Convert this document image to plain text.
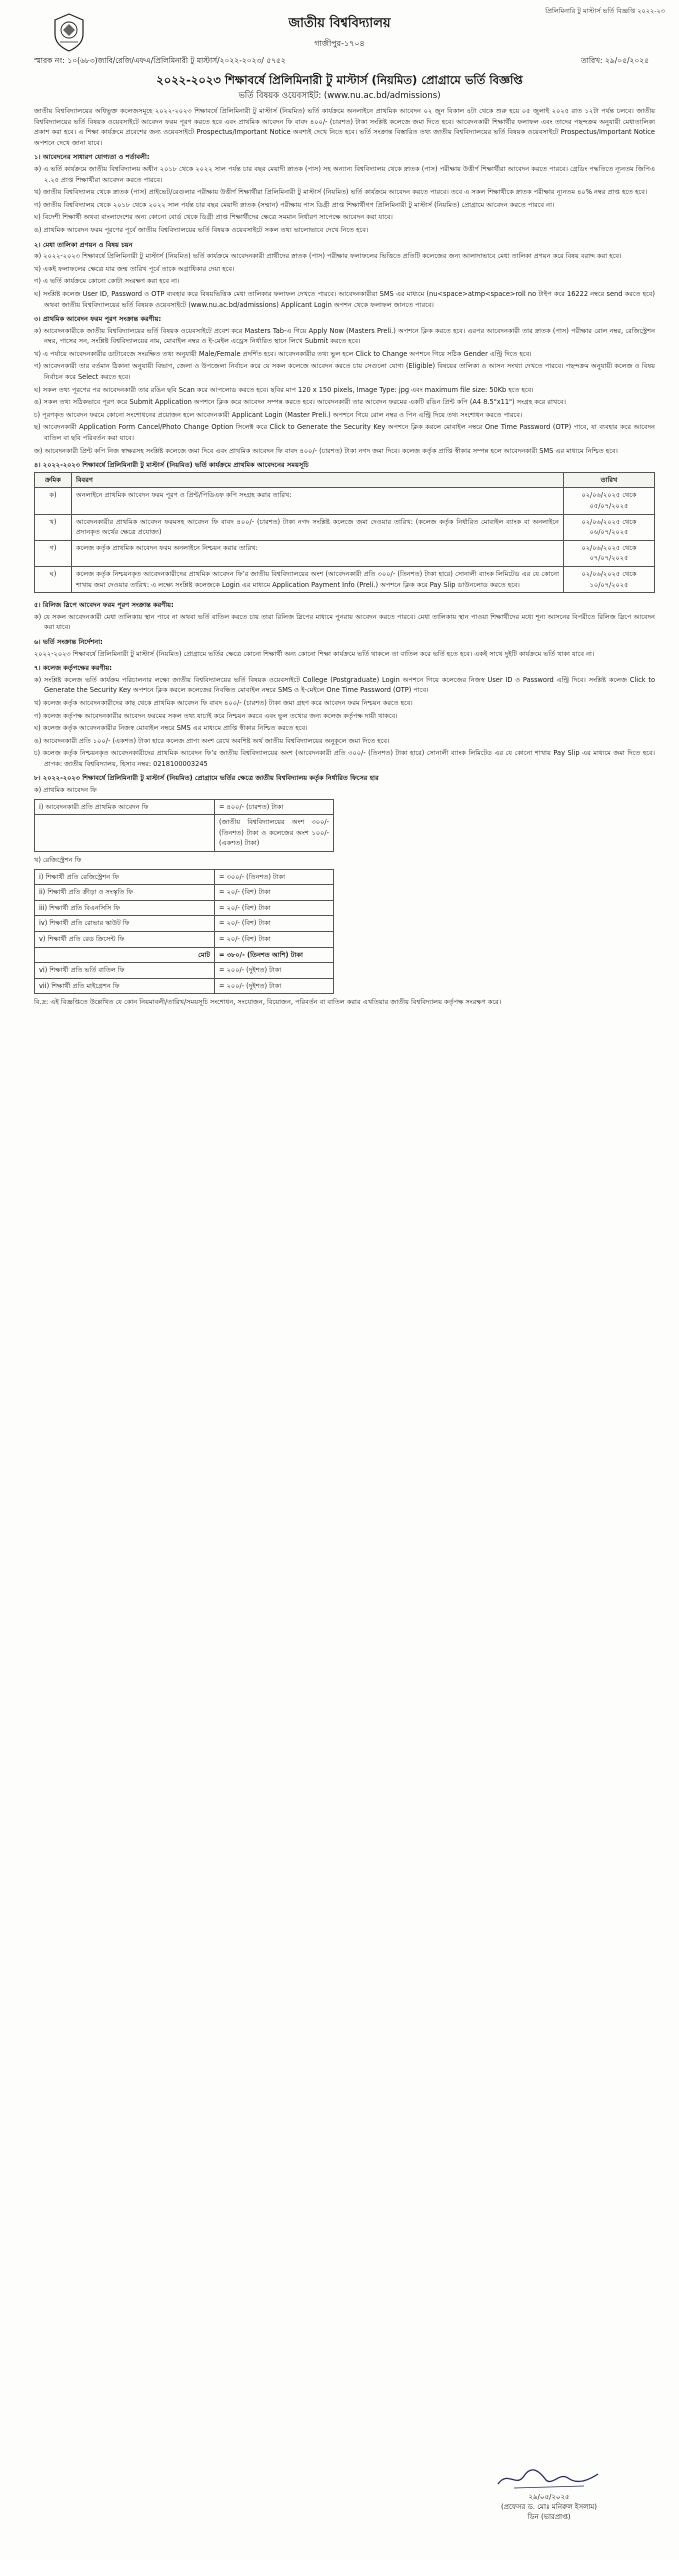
প্রিলিমিনারি টু মাস্টার্স ভর্তি বিজ্ঞপ্তি ২০২২-২৩
জাতীয় বিশ্ববিদ্যালয়
গাজীপুর-১৭০৪
স্মারক নং: ১০(৬৮৩)জাবি/রেজি/এফএ/প্রিলিমিনারী টু মাস্টার্স/২০২২-২০২৩/ ৫৭৫২	তারিখ: ২৯/০৫/২০২৫
২০২২-২০২৩ শিক্ষাবর্ষে প্রিলিমিনারী টু মাস্টার্স (নিয়মিত) প্রোগ্রামে ভর্তি বিজ্ঞপ্তি
ভর্তি বিষয়ক ওয়েবসাইট: (www.nu.ac.bd/admissions)

জাতীয় বিশ্ববিদ্যালয়ের অধিভুক্ত কলেজসমূহে ২০২২-২০২৩ শিক্ষাবর্ষে প্রিলিমিনারী টু মাস্টার্স (নিয়মিত) ভর্তি কার্যক্রমে অনলাইনে প্রাথমিক আবেদন ০২ জুন বিকাল ৪টা থেকে শুরু হয়ে ০৫ জুলাই ২০২৫ রাত ১২টা পর্যন্ত চলবে। জাতীয় বিশ্ববিদ্যালয়ের ভর্তি বিষয়ক ওয়েবসাইটে আবেদন ফরম পূরণ করতে হবে এবং প্রাথমিক আবেদন ফি বাবদ ৪০০/- (চারশত) টাকা সংশ্লিষ্ট কলেজে জমা দিতে হবে। আবেদনকারী শিক্ষার্থীর ফলাফল এবং তাদের পছন্দক্রম অনুযায়ী মেধাতালিকা প্রকাশ করা হবে। এ শিক্ষা কার্যক্রমে প্রবেশের জন্য ওয়েবসাইটে Prospectus/Important Notice অবশ্যই দেখে নিতে হবে। ভর্তি সংক্রান্ত বিস্তারিত তথ্য জাতীয় বিশ্ববিদ্যালয়ের ভর্তি বিষয়ক ওয়েবসাইটে Prospectus/Important Notice অপশনে দেখে জানা যাবে।

১। আবেদনের সাধারণ যোগ্যতা ও শর্তাবলী:

ক) এ ভর্তি কার্যক্রমে জাতীয় বিশ্ববিদ্যালয় অধীন ২০১৮ থেকে ২০২২ সাল পর্যন্ত চার বছর মেয়াদী স্নাতক (পাস) সহ অন্যান্য বিশ্ববিদ্যালয় থেকে স্নাতক (পাস) পরীক্ষায় উত্তীর্ণ শিক্ষার্থীরা আবেদন করতে পারবে। গ্রেডিং পদ্ধতিতে ন্যূনতম জিপিএ ২.২৫ প্রাপ্ত শিক্ষার্থীরা আবেদন করতে পারবে।

খ) জাতীয় বিশ্ববিদ্যালয় থেকে স্নাতক (পাস) প্রাইভেট/রেগুলার পরীক্ষায় উত্তীর্ণ শিক্ষার্থীরা প্রিলিমিনারী টু মাস্টার্স (নিয়মিত) ভর্তি কার্যক্রমে আবেদন করতে পারবে। তবে এ সকল শিক্ষার্থীকে স্নাতক পরীক্ষার ন্যূনতম ৪০% নম্বর প্রাপ্ত হতে হবে।

গ) জাতীয় বিশ্ববিদ্যালয় থেকে ২০১৮ থেকে ২০২২ সাল পর্যন্ত চার বছর মেয়াদী স্নাতক (সম্মান) পরীক্ষায় পাস ডিগ্রী প্রাপ্ত শিক্ষার্থীগণ প্রিলিমিনারী টু মাস্টার্স (নিয়মিত) প্রোগ্রামে আবেদন করতে পারবে না।

ঘ) বিদেশী শিক্ষার্থী অথবা বাংলাদেশের অন্য কোনো বোর্ড থেকে ডিগ্রী প্রাপ্ত শিক্ষার্থীদের ক্ষেত্রে সমমান নির্ধারণ সাপেক্ষে আবেদন করা যাবে।

ঙ) প্রাথমিক আবেদন ফরম পূরণের পূর্বে জাতীয় বিশ্ববিদ্যালয়ের ভর্তি বিষয়ক ওয়েবসাইটে সকল তথ্য ভালোভাবে দেখে নিতে হবে।

২। মেধা তালিকা প্রণয়ন ও বিষয় চয়ন

ক) ২০২২-২০২৩ শিক্ষাবর্ষে প্রিলিমিনারী টু মাস্টার্স (নিয়মিত) ভর্তি কার্যক্রমে আবেদনকারী প্রার্থীদের স্নাতক (পাস) পরীক্ষার ফলাফলের ভিত্তিতে প্রতিটি কলেজের জন্য আলাদাভাবে মেধা তালিকা প্রণয়ন করে বিষয় বরাদ্দ করা হবে।

খ) একই ফলাফলের ক্ষেত্রে যার জন্ম তারিখ পূর্বে তাকে অগ্রাধিকার দেয়া হবে।

গ) এ ভর্তি কার্যক্রমে কোনো কোটা সংরক্ষণ করা হবে না।

ঘ) সংশ্লিষ্ট কলেজ User ID, Password ও OTP ব্যবহার করে বিষয়ভিত্তিক মেধা তালিকার ফলাফল দেখতে পারবে। আবেদনকারীরা SMS এর মাধ্যমে (nu<space>atmp<space>roll no টাইপ করে 16222 নম্বরে send করতে হবে) অথবা জাতীয় বিশ্ববিদ্যালয়ের ভর্তি বিষয়ক ওয়েবসাইটে (www.nu.ac.bd/admissions) Applicant Login অপশন থেকে ফলাফল জানতে পারবে।

৩। প্রাথমিক আবেদন ফরম পূরণ সংক্রান্ত করণীয়:

ক) আবেদনকারীকে জাতীয় বিশ্ববিদ্যালয়ের ভর্তি বিষয়ক ওয়েবসাইটে প্রবেশ করে Masters Tab-এ গিয়ে Apply Now (Masters Preli.) অপশনে ক্লিক করতে হবে। এরপর আবেদনকারী তার স্নাতক (পাস) পরীক্ষার রোল নম্বর, রেজিস্ট্রেশন নম্বর, পাসের সন, সংশ্লিষ্ট বিশ্ববিদ্যালয়ের নাম, মোবাইল নম্বর ও ই-মেইল এড্রেস নির্ধারিত স্থানে লিখে Submit করতে হবে।

খ) এ পর্যায়ে আবেদনকারীর ডাটাবেজে সংরক্ষিত তথ্য অনুযায়ী Male/Female প্রদর্শিত হবে। আবেদনকারীর তথ্য ভুল হলে Click to Change অপশনে গিয়ে সঠিক Gender এন্ট্রি দিতে হবে।

গ) আবেদনকারী তার বর্তমান ঠিকানা অনুযায়ী বিভাগ, জেলা ও উপজেলা নির্বাচন করে যে সকল কলেজে আবেদন করতে চায় সেগুলো যোগ্য (Eligible) বিষয়ের তালিকা ও আসন সংখ্যা দেখতে পারবে। পছন্দক্রম অনুযায়ী কলেজ ও বিষয় নির্বাচন করে Select করতে হবে।

ঘ) সকল তথ্য পূরণের পর আবেদনকারী তার রঙিন ছবি Scan করে আপলোড করতে হবে। ছবির মাপ 120 x 150 pixels, Image Type: jpg এবং maximum file size: 50Kb হতে হবে।

ঙ) সকল তথ্য সঠিকভাবে পূরণ করে Submit Application অপশনে ক্লিক করে আবেদন সম্পন্ন করতে হবে। আবেদনকারী তার আবেদন ফরমের একটি রঙিন প্রিন্ট কপি (A4 8.5"x11") সংগ্রহ করে রাখবে।

চ) পূরণকৃত আবেদন ফরমে কোনো সংশোধনের প্রয়োজন হলে আবেদনকারী Applicant Login (Master Preli.) অপশনে গিয়ে রোল নম্বর ও পিন এন্ট্রি দিয়ে তথ্য সংশোধন করতে পারবে।

ছ) আবেদনকারী Application Form Cancel/Photo Change Option সিলেক্ট করে Click to Generate the Security Key অপশনে ক্লিক করলে মোবাইল নম্বরে One Time Password (OTP) পাবে, যা ব্যবহার করে আবেদন বাতিল বা ছবি পরিবর্তন করা যাবে।

জ) আবেদনকারী প্রিন্ট কপি নিজ স্বাক্ষরসহ সংশ্লিষ্ট কলেজে জমা দিবে এবং প্রাথমিক আবেদন ফি বাবদ ৪০০/- (চারশত) টাকা নগদ জমা দিবে। কলেজ কর্তৃক প্রাপ্তি স্বীকার সম্পন্ন হলে আবেদনকারী SMS এর মাধ্যমে নিশ্চিত হবে।

৪। ২০২২-২০২৩ শিক্ষাবর্ষে প্রিলিমিনারী টু মাস্টার্স (নিয়মিত) ভর্তি কার্যক্রমে প্রাথমিক আবেদনের সময়সূচি
ক্রমিক	বিবরণ	তারিখ
ক)	অনলাইনে প্রাথমিক আবেদন ফরম পূরণ ও প্রিন্ট/পিডিএফ কপি সংগ্রহ করার তারিখ:	০২/০৬/২০২৫ থেকে ০৫/০৭/২০২৫
খ)	আবেদনকারীর প্রাথমিক আবেদন ফরমসহ আবেদন ফি বাবদ ৪০০/- (চারশত) টাকা নগদ সংশ্লিষ্ট কলেজে জমা দেওয়ার তারিখ: (কলেজ কর্তৃক নির্ধারিত মোবাইল ব্যাংক বা অনলাইনে প্রদানকৃত অর্থের ক্ষেত্রে প্রযোজ্য)	০২/০৬/২০২৫ থেকে ০৬/০৭/২০২৫
গ)	কলেজ কর্তৃক প্রাথমিক আবেদন ফরম অনলাইনে নিশ্চয়ন করার তারিখ:	০২/০৬/২০২৫ থেকে ০৭/০৭/২০২৫
ঘ)	কলেজ কর্তৃক নিশ্চয়নকৃত আবেদনকারীদের প্রাথমিক আবেদন ফি’র জাতীয় বিশ্ববিদ্যালয়ের অংশ (আবেদনকারী প্রতি ৩০০/- (তিনশত) টাকা হারে) সোনালী ব্যাংক লিমিটেড এর যে কোনো শাখায় জমা দেওয়ার তারিখ: এ লক্ষ্যে সংশ্লিষ্ট কলেজকে Login এর মাধ্যমে Application Payment Info (Preli.) অপশনে ক্লিক করে Pay Slip ডাউনলোড করতে হবে।	০২/০৬/২০২৫ থেকে ১০/০৭/২০২৫
৫। রিলিজ স্লিপে আবেদন ফরম পূরণ সংক্রান্ত করণীয়:

ক) যে সকল আবেদনকারী মেধা তালিকায় স্থান পাবে না অথবা ভর্তি বাতিল করতে চায় তারা রিলিজ স্লিপের মাধ্যমে পুনরায় আবেদন করতে পারবে। মেধা তালিকায় স্থান পাওয়া শিক্ষার্থীদের মধ্যে শূন্য আসনের বিপরীতে রিলিজ স্লিপে আবেদন করা যাবে।

৬। ভর্তি সংক্রান্ত নির্দেশনা:

২০২২-২০২৩ শিক্ষাবর্ষে প্রিলিমিনারী টু মাস্টার্স (নিয়মিত) প্রোগ্রামে ভর্তির ক্ষেত্রে কোনো শিক্ষার্থী অন্য কোনো শিক্ষা কার্যক্রমে ভর্তি থাকলে তা বাতিল করে ভর্তি হতে হবে। একই সাথে দুইটি কার্যক্রমে ভর্তি থাকা যাবে না।

৭। কলেজ কর্তৃপক্ষের করণীয়:

ক) সংশ্লিষ্ট কলেজ ভর্তি কার্যক্রম পরিচালনার লক্ষ্যে জাতীয় বিশ্ববিদ্যালয়ের ভর্তি বিষয়ক ওয়েবসাইটে College (Postgraduate) Login অপশনে গিয়ে কলেজের নিজস্ব User ID ও Password এন্ট্রি দিবে। সংশ্লিষ্ট কলেজ Click to Generate the Security Key অপশনে ক্লিক করলে কলেজের নিবন্ধিত মোবাইল নম্বরে SMS ও ই-মেইলে One Time Password (OTP) পাবে।

খ) কলেজ কর্তৃক আবেদনকারীদের কাছ থেকে প্রাথমিক আবেদন ফি বাবদ ৪০০/- (চারশত) টাকা জমা গ্রহণ করে আবেদন ফরম নিশ্চয়ন করতে হবে।

গ) কলেজ কর্তৃপক্ষ আবেদনকারীর আবেদন ফরমের সকল তথ্য যাচাই করে নিশ্চয়ন করবে এবং ভুল তথ্যের জন্য কলেজ কর্তৃপক্ষ দায়ী থাকবে।

ঘ) কলেজ কর্তৃক আবেদনকারীর নিজস্ব মোবাইল নম্বরে SMS এর মাধ্যমে প্রাপ্তি স্বীকার নিশ্চিত করতে হবে।

ঙ) আবেদনকারী প্রতি ১০০/- (একশত) টাকা হারে কলেজ প্রাপ্য অংশ রেখে অবশিষ্ট অর্থ জাতীয় বিশ্ববিদ্যালয়ের অনুকূলে জমা দিতে হবে।

চ) কলেজ কর্তৃক নিশ্চয়নকৃত আবেদনকারীদের প্রাথমিক আবেদন ফি’র জাতীয় বিশ্ববিদ্যালয়ের অংশ (আবেদনকারী প্রতি ৩০০/- (তিনশত) টাকা হারে) সোনালী ব্যাংক লিমিটেড এর যে কোনো শাখায় Pay Slip এর মাধ্যমে জমা দিতে হবে। প্রাপক: জাতীয় বিশ্ববিদ্যালয়, হিসাব নম্বর: 0218100003245

৮। ২০২২-২০২৩ শিক্ষাবর্ষে প্রিলিমিনারী টু মাস্টার্স (নিয়মিত) প্রোগ্রামে ভর্তির ক্ষেত্রে জাতীয় বিশ্ববিদ্যালয় কর্তৃক নির্ধারিত ফিসের হার
ক) প্রাথমিক আবেদন ফি
i) আবেদনকারী প্রতি প্রাথমিক আবেদন ফি	= ৪০০/- (চারশত) টাকা
	(জাতীয় বিশ্ববিদ্যালয়ের অংশ ৩০০/- (তিনশত) টাকা ও কলেজের অংশ ১০০/- (একশত) টাকা)
খ) রেজিস্ট্রেশন ফি
i) শিক্ষার্থী প্রতি রেজিস্ট্রেশন ফি	= ৩০০/- (তিনশত) টাকা
ii) শিক্ষার্থী প্রতি ক্রীড়া ও সংস্কৃতি ফি	= ২০/- (বিশ) টাকা
iii) শিক্ষার্থী প্রতি বিএনসিসি ফি	= ২০/- (বিশ) টাকা
iv) শিক্ষার্থী প্রতি রোভার স্কাউট ফি	= ২০/- (বিশ) টাকা
v) শিক্ষার্থী প্রতি রেড ক্রিসেন্ট ফি	= ২০/- (বিশ) টাকা
মোট	= ৩৮০/- (তিনশত আশি) টাকা
vi) শিক্ষার্থী প্রতি ভর্তি বাতিল ফি	= ২০০/- (দুইশত) টাকা
vii) শিক্ষার্থী প্রতি মাইগ্রেশন ফি	= ২০০/- (দুইশত) টাকা

বি.দ্র: এই বিজ্ঞপ্তিতে উল্লেখিত যে কোন নিয়মাবলী/তারিখ/সময়সূচি সংশোধন, সংযোজন, বিয়োজন, পরিবর্তন বা বাতিল করার এখতিয়ার জাতীয় বিশ্ববিদ্যালয় কর্তৃপক্ষ সংরক্ষণ করে।

২৯/০৫/২০২৫
(প্রফেসর ড. মোঃ মনিরুল ইসলাম)
ডিন (ভারপ্রাপ্ত)
